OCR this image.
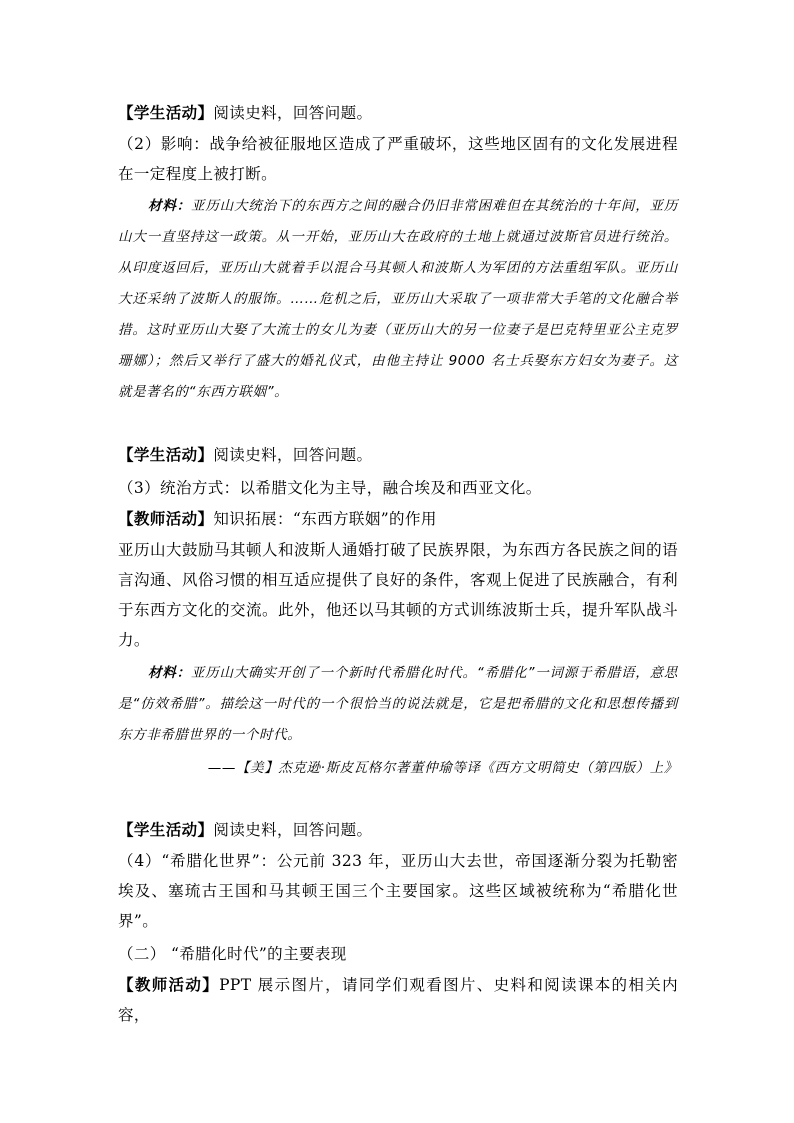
【学生活动】阅读史料，回答问题。

（2）影响：战争给被征服地区造成了严重破坏，这些地区固有的文化发展进程在一定程度上被打断。

材料：亚历山大统治下的东西方之间的融合仍旧非常困难但在其统治的十年间，亚历山大一直坚持这一政策。从一开始，亚历山大在政府的土地上就通过波斯官员进行统治。从印度返回后，亚历山大就着手以混合马其顿人和波斯人为军团的方法重组军队。亚历山大还采纳了波斯人的服饰。……危机之后，亚历山大采取了一项非常大手笔的文化融合举措。这时亚历山大娶了大流士的女儿为妻（亚历山大的另一位妻子是巴克特里亚公主克罗珊娜）；然后又举行了盛大的婚礼仪式，由他主持让 9000 名士兵娶东方妇女为妻子。这就是著名的“东西方联姻”。

【学生活动】阅读史料，回答问题。

（3）统治方式：以希腊文化为主导，融合埃及和西亚文化。

【教师活动】知识拓展：“东西方联姻”的作用

亚历山大鼓励马其顿人和波斯人通婚打破了民族界限，为东西方各民族之间的语言沟通、风俗习惯的相互适应提供了良好的条件，客观上促进了民族融合，有利于东西方文化的交流。此外，他还以马其顿的方式训练波斯士兵，提升军队战斗力。

材料：亚历山大确实开创了一个新时代希腊化时代。“希腊化”一词源于希腊语，意思是“仿效希腊”。描绘这一时代的一个很恰当的说法就是，它是把希腊的文化和思想传播到东方非希腊世界的一个时代。

——【美】杰克逊·斯皮瓦格尔著董仲瑜等译《西方文明简史（第四版）上》

【学生活动】阅读史料，回答问题。

（4）“希腊化世界”：公元前 323 年，亚历山大去世，帝国逐渐分裂为托勒密埃及、塞琉古王国和马其顿王国三个主要国家。这些区域被统称为“希腊化世界”。

（二） “希腊化时代”的主要表现

【教师活动】PPT 展示图片，请同学们观看图片、史料和阅读课本的相关内容，
